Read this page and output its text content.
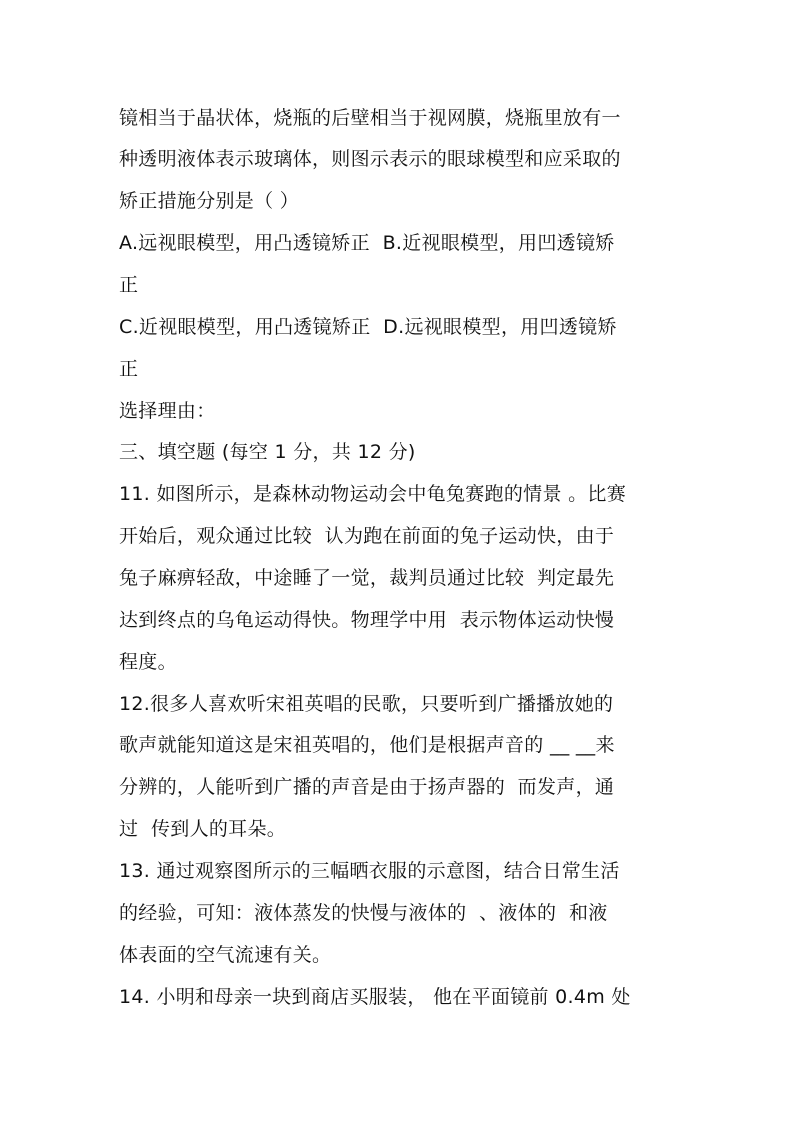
镜相当于晶状体，烧瓶的后壁相当于视网膜，烧瓶里放有一
种透明液体表示玻璃体，则图示表示的眼球模型和应采取的
矫正措施分别是（ ）
A.远视眼模型，用凸透镜矫正  B.近视眼模型，用凹透镜矫
正
C.近视眼模型，用凸透镜矫正  D.远视眼模型，用凹透镜矫
正
选择理由：
三、填空题 (每空 1 分，共 12 分)
11. 如图所示，是森林动物运动会中龟兔赛跑的情景 。比赛
开始后，观众通过比较  认为跑在前面的兔子运动快，由于
兔子麻痹轻敌，中途睡了一觉，裁判员通过比较  判定最先
达到终点的乌龟运动得快。物理学中用  表示物体运动快慢
程度。
12.很多人喜欢听宋祖英唱的民歌，只要听到广播播放她的
歌声就能知道这是宋祖英唱的，他们是根据声音的 __ __来
分辨的，人能听到广播的声音是由于扬声器的  而发声，通
过  传到人的耳朵。
13. 通过观察图所示的三幅晒衣服的示意图，结合日常生活
的经验，可知：液体蒸发的快慢与液体的  、液体的  和液
体表面的空气流速有关。
14. 小明和母亲一块到商店买服装， 他在平面镜前 0.4m 处
